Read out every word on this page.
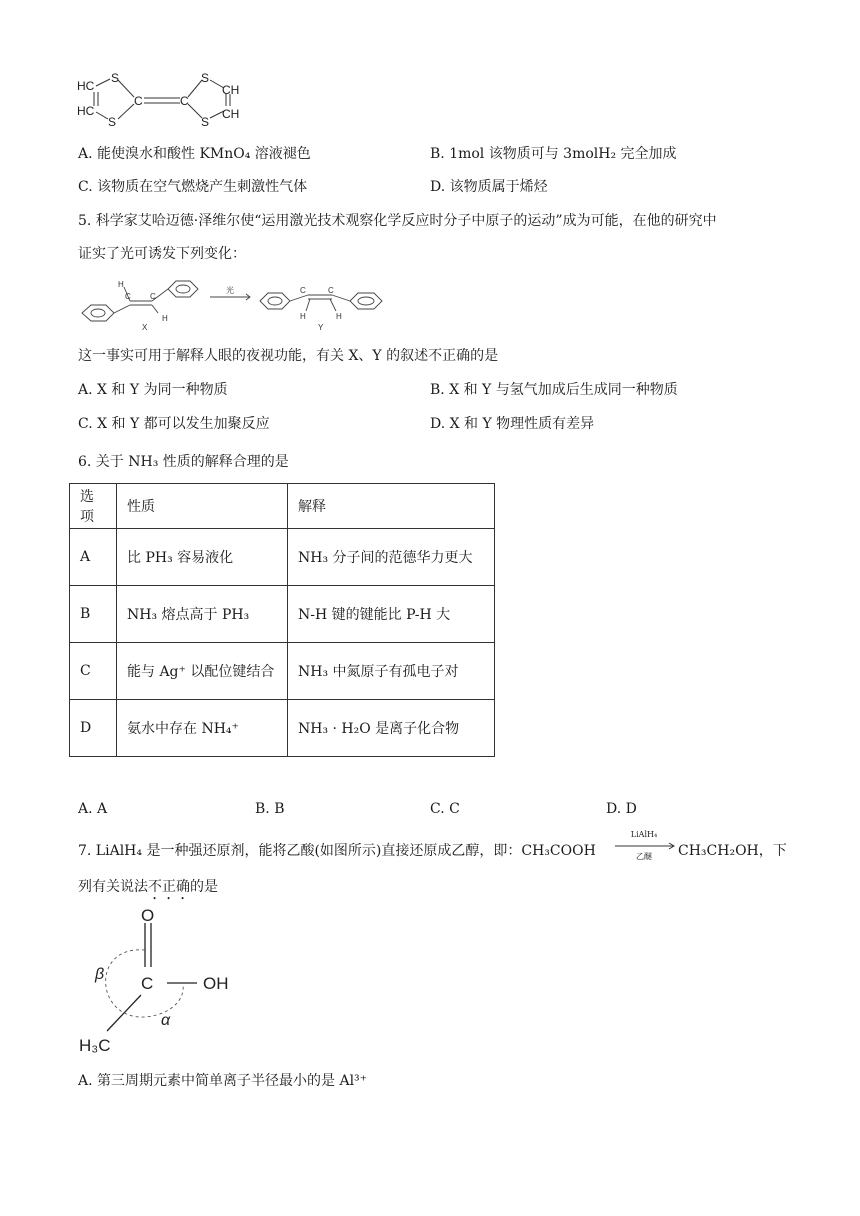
HC
HC
S
S
C	C
S
S
CH
CH
A. 能使溴水和酸性 KMnO₄ 溶液褪色	B. 1mol 该物质可与 3molH₂ 完全加成
C. 该物质在空气燃烧产生刺激性气体	D. 该物质属于烯烃
5. 科学家艾哈迈德·泽维尔使“运用激光技术观察化学反应时分子中原子的运动”成为可能，在他的研究中
证实了光可诱发下列变化：
H
C C
H
X
光	C	C
H	H
Y
这一事实可用于解释人眼的夜视功能，有关 X、Y 的叙述不正确的是
A. X 和 Y 为同一种物质	B. X 和 Y 与氢气加成后生成同一种物质
C. X 和 Y 都可以发生加聚反应	D. X 和 Y 物理性质有差异
6. 关于 NH₃ 性质的解释合理的是
选项	性质	解释
A	比 PH₃ 容易液化	NH₃ 分子间的范德华力更大
B	NH₃ 熔点高于 PH₃	N-H 键的键能比 P-H 大
C	能与 Ag⁺ 以配位键结合	NH₃ 中氮原子有孤电子对
D	氨水中存在 NH₄⁺	NH₃ · H₂O 是离子化合物
A. A	B. B	C. C	D. D
7. LiAlH₄ 是一种强还原剂，能将乙酸(如图所示)直接还原成乙醇，即：CH₃COOH
LiAlH₄
乙醚	CH₃CH₂OH，下
列有关说法不正确的是
O
C	OH
H₃C
β
α
A. 第三周期元素中简单离子半径最小的是 Al³⁺
